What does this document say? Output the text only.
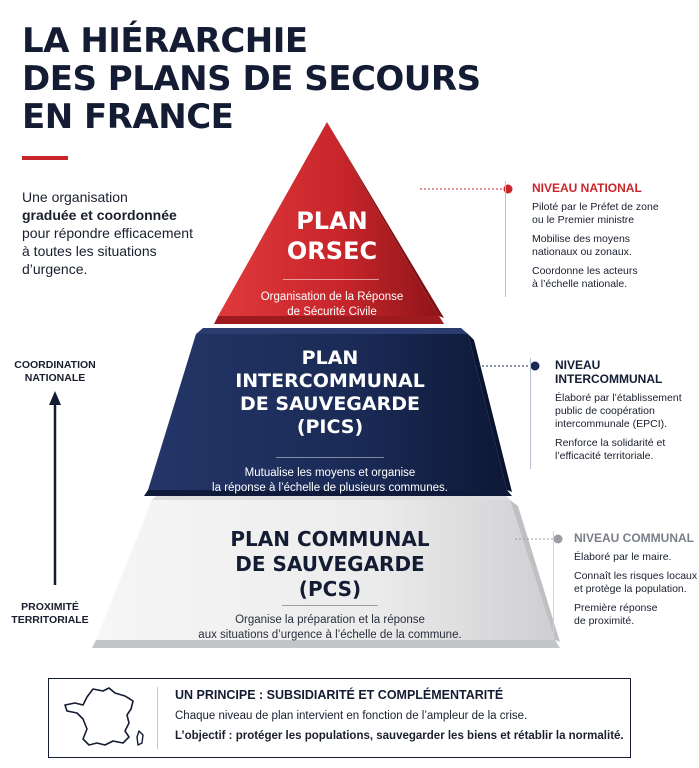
LA HIÉRARCHIE
DES PLANS DE SECOURS
EN FRANCE
Une organisation
graduée et coordonnée
pour répondre efficacement à toutes les situations d’urgence.
PLAN
ORSEC
Organisation de la Réponse
de Sécurité Civile
PLAN
INTERCOMMUNAL
DE SAUVEGARDE
(PICS)
Mutualise les moyens et organise
la réponse à l’échelle de plusieurs communes.
PLAN COMMUNAL
DE SAUVEGARDE
(PCS)
Organise la préparation et la réponse
aux situations d’urgence à l’échelle de la commune.
COORDINATION
NATIONALE
PROXIMITÉ
TERRITORIALE
NIVEAU NATIONAL
Piloté par le Préfet de zone
ou le Premier ministre
Mobilise des moyens
nationaux ou zonaux.
Coordonne les acteurs
à l’échelle nationale.
NIVEAU
INTERCOMMUNAL
Élaboré par l’établissement
public de coopération
intercommunale (EPCI).
Renforce la solidarité et
l’efficacité territoriale.
NIVEAU COMMUNAL
Élaboré par le maire.
Connaît les risques locaux
et protège la population.
Première réponse
de proximité.
UN PRINCIPE : SUBSIDIARITÉ ET COMPLÉMENTARITÉ
Chaque niveau de plan intervient en fonction de l’ampleur de la crise.
L’objectif : protéger les populations, sauvegarder les biens et rétablir la normalité.
